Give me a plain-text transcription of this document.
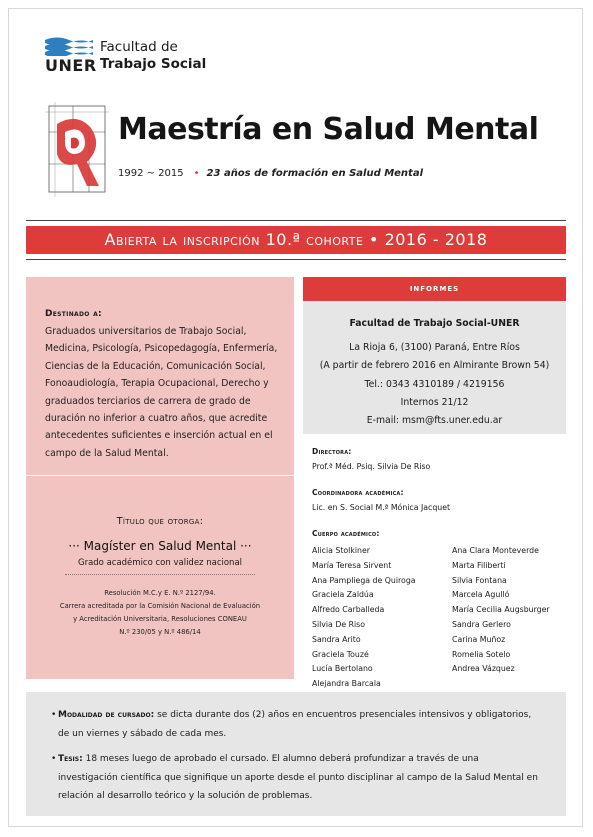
UNER
Facultad de
Trabajo Social
Maestría en Salud Mental
1992 ~ 2015 • 23 años de formación en Salud Mental
Abierta la inscripción 10.ª cohorte • 2016 - 2018
Destinado a:
Graduados universitarios de Trabajo Social, Medicina, Psicología, Psicopedagogía, Enfermería, Ciencias de la Educación, Comunicación Social, Fonoaudiología, Terapia Ocupacional, Derecho y graduados terciarios de carrera de grado de duración no inferior a cuatro años, que acredite antecedentes suficientes e inserción actual en el campo de la Salud Mental.
Título que otorga:
··· Magíster en Salud Mental ···
Grado académico con validez nacional
Resolución M.C.y E. N.º 2127/94.
Carrera acreditada por la Comisión Nacional de Evaluación
y Acreditación Universitaria, Resoluciones CONEAU
N.º 230/05 y N.º 486/14
informes
Facultad de Trabajo Social-UNER
La Rioja 6, (3100) Paraná, Entre Ríos
(A partir de febrero 2016 en Almirante Brown 54)
Tel.: 0343 4310189 / 4219156
Internos 21/12
E-mail: msm@fts.uner.edu.ar
Directora:
Prof.ª Méd. Psiq. Silvia De Riso
Coordinadora académica:
Lic. en S. Social M.ª Mónica Jacquet
Cuerpo académico:
Alicia Stolkiner
María Teresa Sirvent
Ana Pampliega de Quiroga
Graciela Zaldúa
Alfredo Carballeda
Silvia De Riso
Sandra Arito
Graciela Touzé
Lucía Bertolano
Alejandra Barcala
Ana Clara Monteverde
Marta Filiberti
Silvia Fontana
Marcela Agulló
María Cecilia Augsburger
Sandra Gerlero
Carina Muñoz
Romelia Sotelo
Andrea Vázquez
• Modalidad de cursado: se dicta durante dos (2) años en encuentros presenciales intensivos y obligatorios, de un viernes y sábado de cada mes.
• Tesis: 18 meses luego de aprobado el cursado. El alumno deberá profundizar a través de una investigación científica que signifique un aporte desde el punto disciplinar al campo de la Salud Mental en relación al desarrollo teórico y la solución de problemas.
